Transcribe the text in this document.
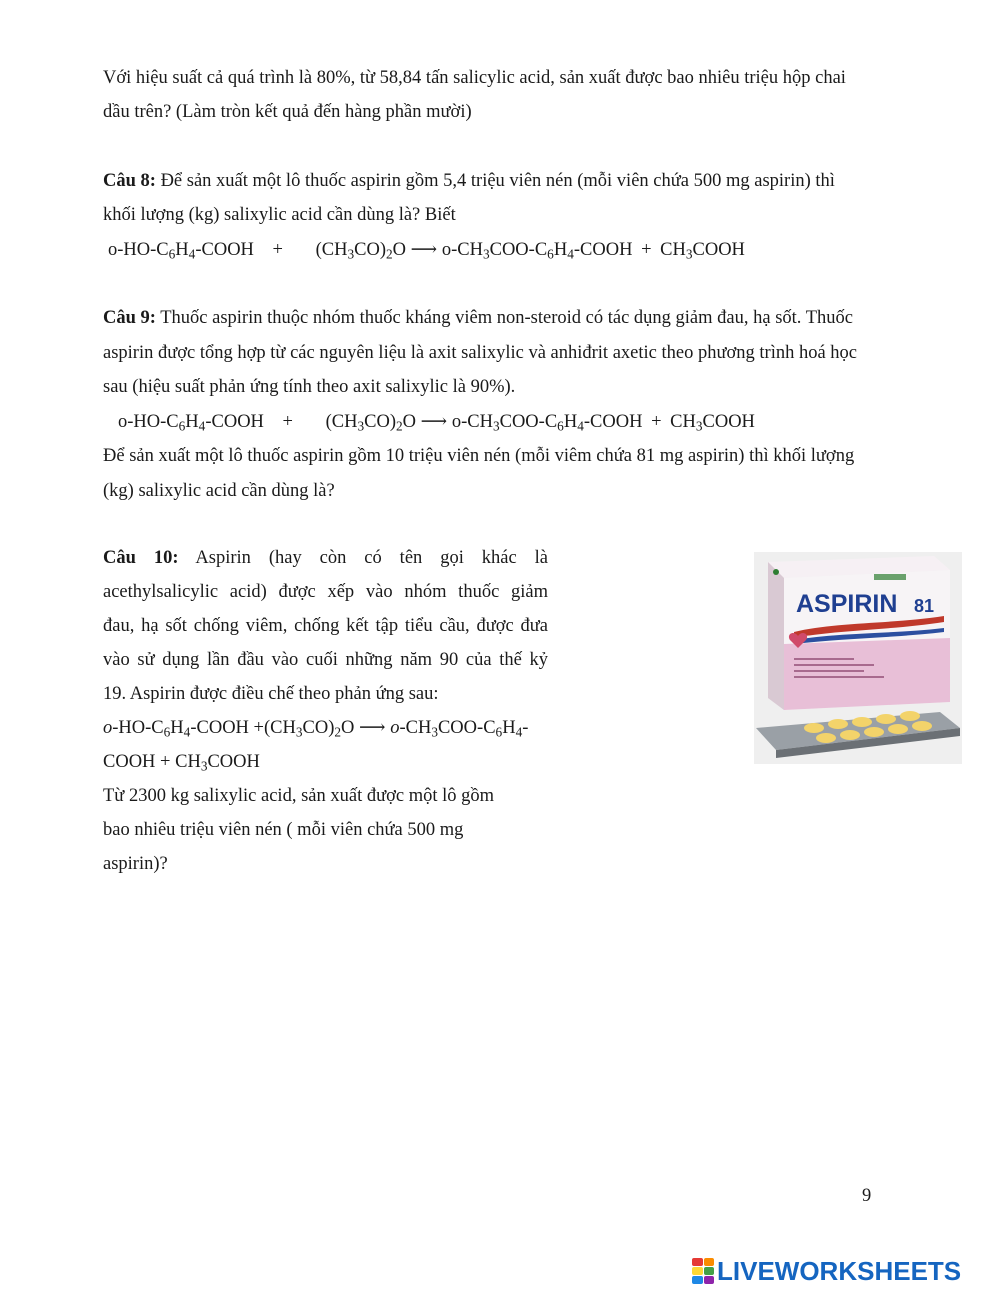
Với hiệu suất cả quá trình là 80%, từ 58,84 tấn salicylic acid, sản xuất được bao nhiêu triệu hộp chai
dầu trên? (Làm tròn kết quả đến hàng phần mười)
Câu 8: Để sản xuất một lô thuốc aspirin gồm 5,4 triệu viên nén (mỗi viên chứa 500 mg aspirin) thì
khối lượng (kg) salixylic acid cần dùng là? Biết
$o-HO-C_6H_4$-COOH + $(CH_3CO)_2O$ ⟶ $o-CH_3COO-C_6H_4$-COOH + $CH_3COOH$
Câu 9: Thuốc aspirin thuộc nhóm thuốc kháng viêm non-steroid có tác dụng giảm đau, hạ sốt. Thuốc
aspirin được tổng hợp từ các nguyên liệu là axit salixylic và anhiđrit axetic theo phương trình hoá học
sau (hiệu suất phản ứng tính theo axit salixylic là 90%).
$o-HO-C_6H_4$-COOH + $(CH_3CO)_2O$ ⟶ $o-CH_3COO-C_6H_4$-COOH + $CH_3COOH$
Để sản xuất một lô thuốc aspirin gồm 10 triệu viên nén (mỗi viêm chứa 81 mg aspirin) thì khối lượng
(kg) salixylic acid cần dùng là?
Câu 10: Aspirin (hay còn có tên gọi khác là
acethylsalicylic acid) được xếp vào nhóm thuốc giảm
đau, hạ sốt chống viêm, chống kết tập tiểu cầu, được đưa
vào sử dụng lần đầu vào cuối những năm 90 của thế kỷ
19. Aspirin được điều chế theo phản ứng sau:
$o-HO-C_6H_4$-COOH $+(CH_3CO)_2O$ ⟶ $o-CH_3COO-C_6H_4-$
COOH + $CH_3COOH$
Từ 2300 kg salixylic acid, sản xuất được một lô gồm
bao nhiêu triệu viên nén ( mỗi viên chứa 500 mg
aspirin)?
ASPIRIN 81
9
LIVEWORKSHEETS
